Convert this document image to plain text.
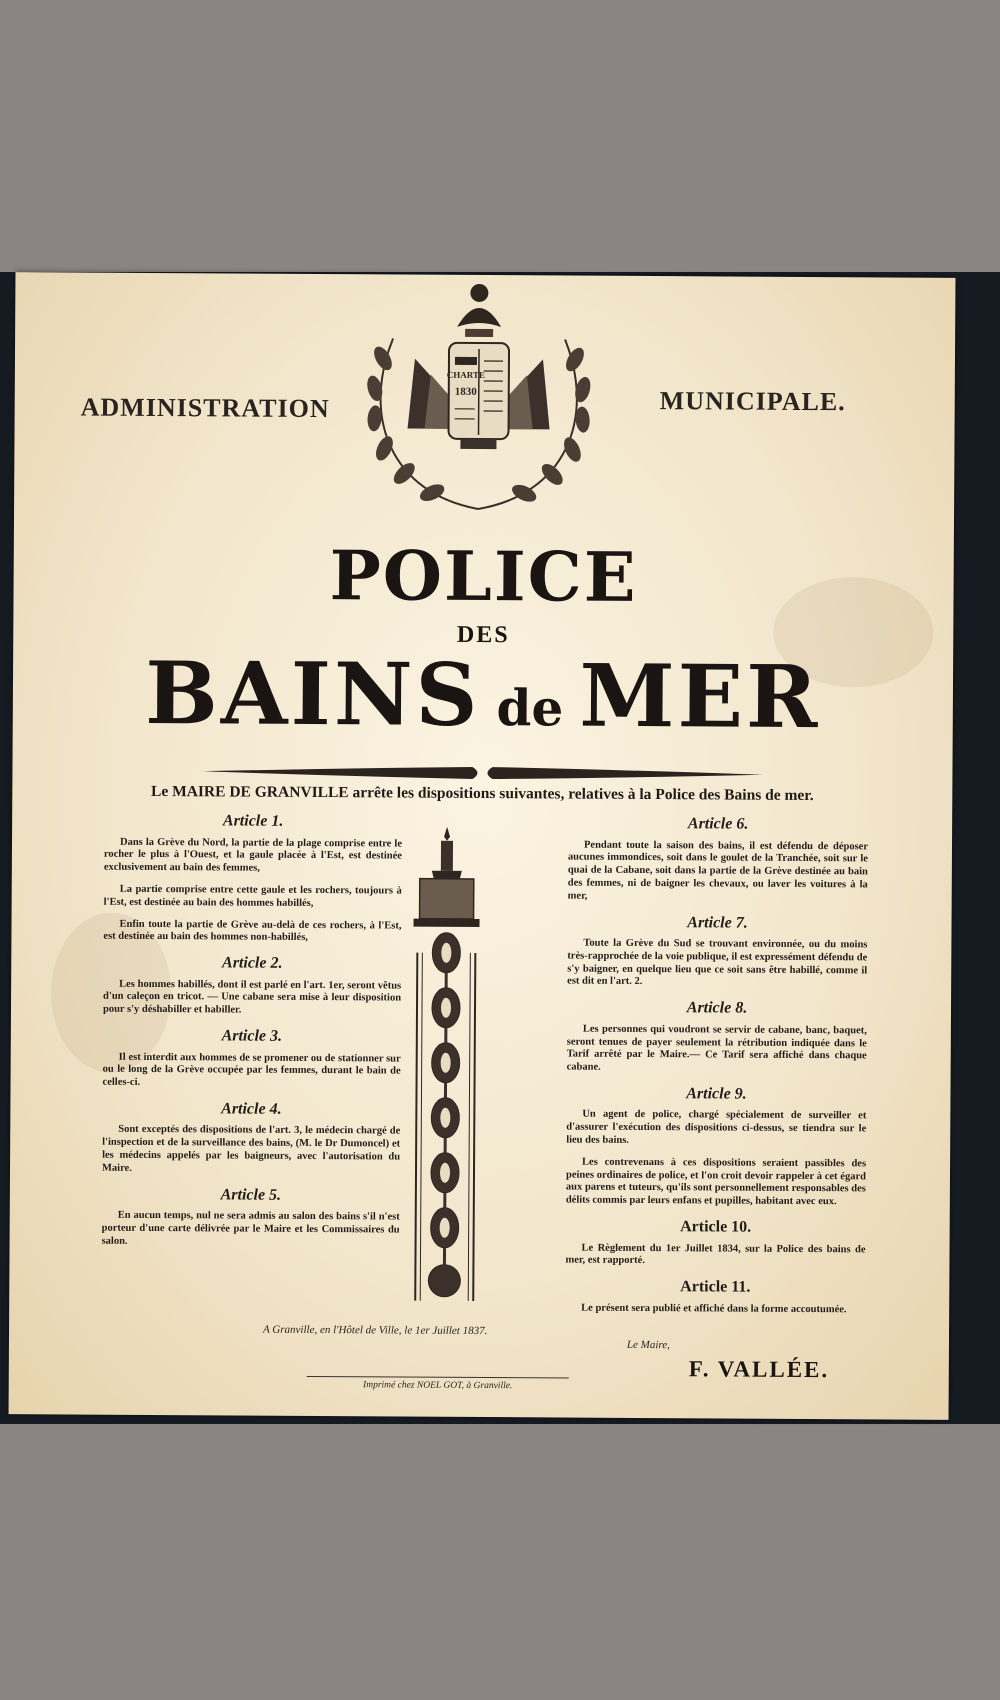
ADMINISTRATION	MUNICIPALE.
CHARTE
1830
POLICE
DES
BAINS de MER
Le MAIRE DE GRANVILLE arrête les dispositions suivantes, relatives à la Police des Bains de mer.
Article 1.
Dans la Grève du Nord, la partie de la plage comprise entre le rocher le plus à l'Ouest, et la gaule placée à l'Est, est destinée exclusivement au bain des femmes,
La partie comprise entre cette gaule et les rochers, toujours à l'Est, est destinée au bain des hommes habillés,
Enfin toute la partie de Grève au-delà de ces rochers, à l'Est, est destinée au bain des hommes non-habillés,
Article 2.
Les hommes habillés, dont il est parlé en l'art. 1er, seront vêtus d'un caleçon en tricot. — Une cabane sera mise à leur disposition pour s'y déshabiller et habiller.
Article 3.
Il est interdit aux hommes de se promener ou de stationner sur ou le long de la Grève occupée par les femmes, durant le bain de celles-ci.
Article 4.
Sont exceptés des dispositions de l'art. 3, le médecin chargé de l'inspection et de la surveillance des bains, (M. le Dr Dumoncel) et les médecins appelés par les baigneurs, avec l'autorisation du Maire.
Article 5.
En aucun temps, nul ne sera admis au salon des bains s'il n'est porteur d'une carte délivrée par le Maire et les Commissaires du salon.
Article 6.
Pendant toute la saison des bains, il est défendu de déposer aucunes immondices, soit dans le goulet de la Tranchée, soit sur le quai de la Cabane, soit dans la partie de la Grève destinée au bain des femmes, ni de baigner les chevaux, ou laver les voitures à la mer,
Article 7.
Toute la Grève du Sud se trouvant environnée, ou du moins très-rapprochée de la voie publique, il est expressément défendu de s'y baigner, en quelque lieu que ce soit sans être habillé, comme il est dit en l'art. 2.
Article 8.
Les personnes qui voudront se servir de cabane, banc, baquet, seront tenues de payer seulement la rétribution indiquée dans le Tarif arrêté par le Maire.— Ce Tarif sera affiché dans chaque cabane.
Article 9.
Un agent de police, chargé spécialement de surveiller et d'assurer l'exécution des dispositions ci-dessus, se tiendra sur le lieu des bains.
Les contrevenans à ces dispositions seraient passibles des peines ordinaires de police, et l'on croit devoir rappeler à cet égard aux parens et tuteurs, qu'ils sont personnellement responsables des délits commis par leurs enfans et pupilles, habitant avec eux.
Article 10.
Le Règlement du 1er Juillet 1834, sur la Police des bains de mer, est rapporté.
Article 11.
Le présent sera publié et affiché dans la forme accoutumée.
A Granville, en l'Hôtel de Ville, le 1er Juillet 1837.
Le Maire,
F. VALLÉE.
Imprimé chez NOEL GOT, à Granville.
